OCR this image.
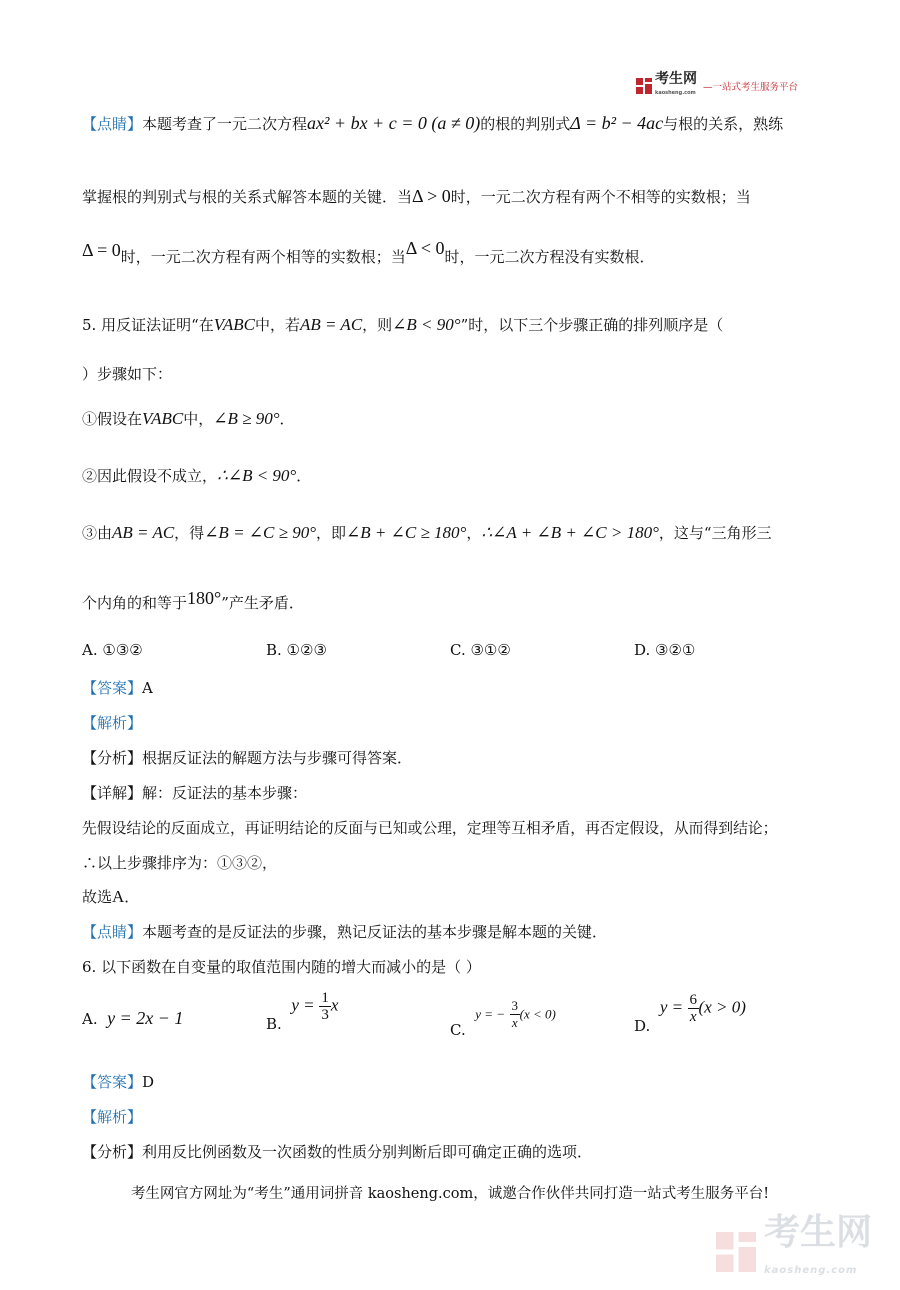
考生网
kaosheng.com —一站式考生服务平台
【点睛】本题考查了一元二次方程ax² + bx + c = 0 (a ≠ 0)的根的判别式Δ = b² − 4ac与根的关系，熟练
掌握根的判别式与根的关系式解答本题的关键．当Δ > 0时，一元二次方程有两个不相等的实数根；当
Δ = 0时，一元二次方程有两个相等的实数根；当Δ < 0时，一元二次方程没有实数根．
5. 用反证法证明“在VABC中，若AB = AC，则∠B < 90°”时，以下三个步骤正确的排列顺序是（
）步骤如下：
①假设在VABC中，∠B ≥ 90°．
②因此假设不成立，∴∠B < 90°．
③由AB = AC，得∠B = ∠C ≥ 90°，即∠B + ∠C ≥ 180°，∴∠A + ∠B + ∠C > 180°，这与“三角形三
个内角的和等于180°”产生矛盾．
A. ①③②	B. ①②③	C. ③①②	D. ③②①
【答案】A
【解析】
【分析】根据反证法的解题方法与步骤可得答案．
【详解】解：反证法的基本步骤：
先假设结论的反面成立，再证明结论的反面与已知或公理，定理等互相矛盾，再否定假设，从而得到结论；
∴以上步骤排序为：①③②，
故选A．
【点睛】本题考查的是反证法的步骤，熟记反证法的基本步骤是解本题的关键．
6. 以下函数在自变量的取值范围内随的增大而减小的是（ ）
A. y = 2x − 1	B.  $y = \frac{1}{3}$ x
C.  y = − $\frac{3}{x} (x < 0)$
D.  $y = \frac{6}{x} (x > 0)$
【答案】D
【解析】
【分析】利用反比例函数及一次函数的性质分别判断后即可确定正确的选项．
考生网官方网址为“考生”通用词拼音 kaosheng.com，诚邀合作伙伴共同打造一站式考生服务平台!
考生网
kaosheng.com
